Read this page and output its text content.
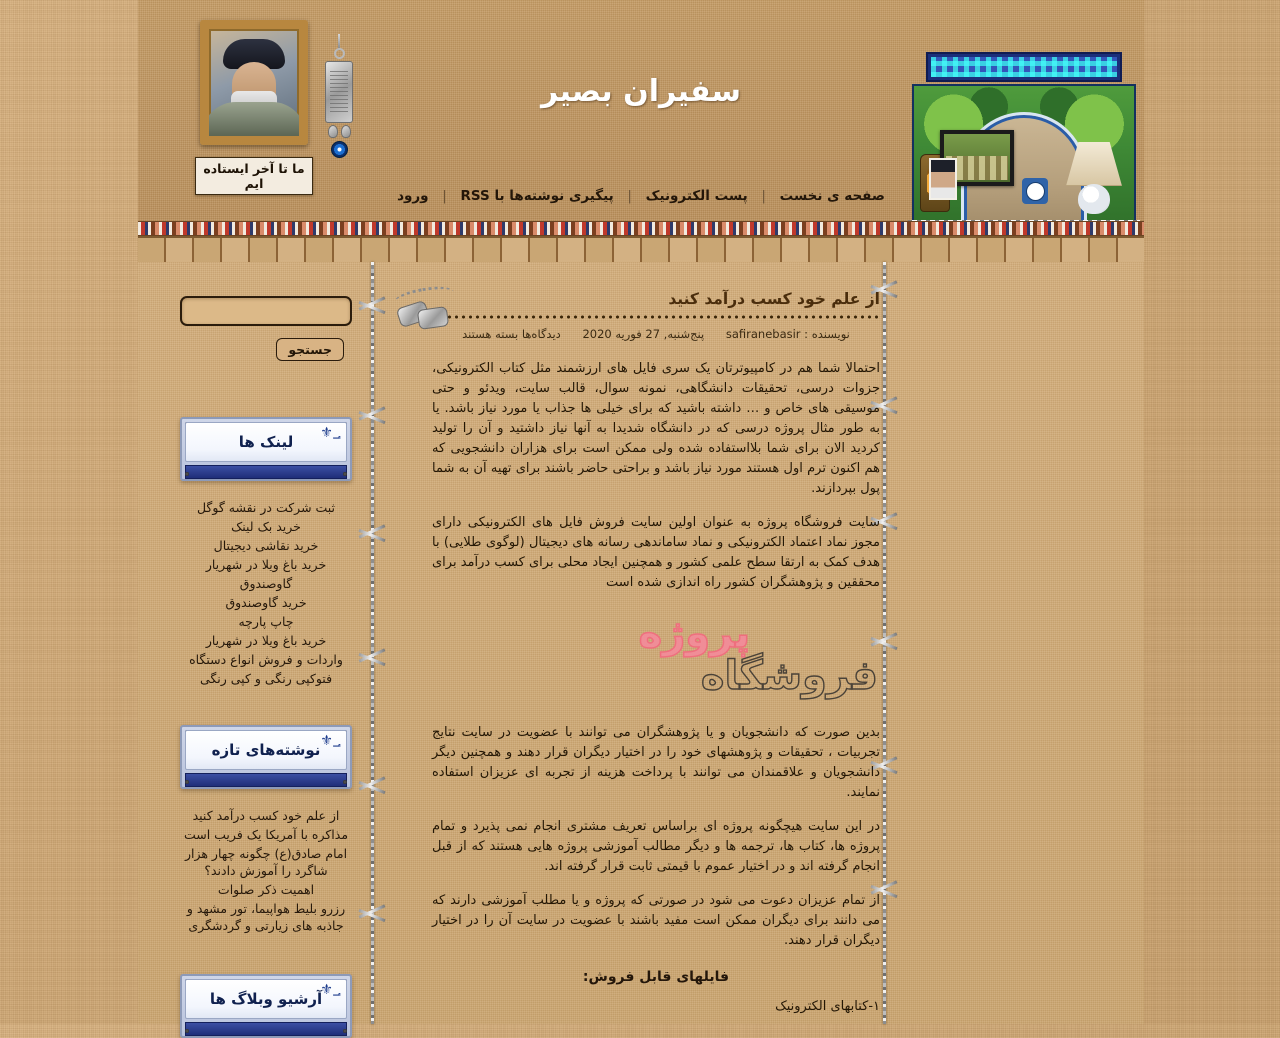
ما تا آخر ایستاده ایم
سفیران بصیر
صفحه ی نخست | پست الکترونیک | پیگیری نوشته‌ها با RSS | ورود
از علم خود کسب درآمد کنید
نویسنده : safiranebasir پنج‌شنبه, 27 فوریه 2020 دیدگاه‌ها بسته هستند

احتمالا شما هم در کامپیوترتان یک سری فایل های ارزشمند مثل کتاب الکترونیکی، جزوات درسی، تحقیقات دانشگاهی، نمونه سوال، قالب سایت، ویدئو و حتی موسیقی های خاص و … داشته باشید که برای خیلی ها جذاب یا مورد نیاز باشد. یا به طور مثال پروژه درسی که در دانشگاه شدیدا به آنها نیاز داشتید و آن را تولید کردید الان برای شما بلااستفاده شده ولی ممکن است برای هزاران دانشجویی که هم اکنون ترم اول هستند مورد نیاز باشد و براحتی حاضر باشند برای تهیه آن به شما پول بپردازند.

سایت فروشگاه پروژه به عنوان اولین سایت فروش فایل های الکترونیکی دارای مجوز نماد اعتماد الکترونیکی و نماد ساماندهی رسانه های دیجیتال (لوگوی طلایی) با هدف کمک به ارتقا سطح علمی کشور و همچنین ایجاد محلی برای کسب درآمد برای محققین و پژوهشگران کشور راه اندازی شده است

پروژه
فروشگاه

بدین صورت که دانشجویان و یا پژوهشگران می توانند با عضویت در سایت نتایج تجربیات ، تحقیقات و پژوهشهای خود را در اختیار دیگران قرار دهند و همچنین دیگر دانشجویان و علاقمندان می توانند با پرداخت هزینه از تجربه ای عزیزان استفاده نمایند.

در این سایت هیچگونه پروژه ای براساس تعریف مشتری انجام نمی پذیرد و تمام پروژه ها، کتاب ها، ترجمه ها و دیگر مطالب آموزشی پروژه هایی هستند که از قبل انجام گرفته اند و در اختیار عموم با قیمتی ثابت قرار گرفته اند.

از تمام عزیزان دعوت می شود در صورتی که پروژه و یا مطلب آموزشی دارند که می دانند برای دیگران ممکن است مفید باشند با عضویت در سایت آن را در اختیار دیگران قرار دهند.

فایلهای قابل فروش:
۱-کتابهای الکترونیک
جستجو
؀⚜
لینک ها
ثبت شرکت در نقشه گوگل
خرید بک لینک
خرید نقاشی دیجیتال
خرید باغ ویلا در شهریار
گاوصندوق
خرید گاوصندوق
چاپ پارچه
خرید باغ ویلا در شهریار
واردات و فروش انواع دستگاه
فتوکپی رنگی و کپی رنگی
؀⚜
نوشته‌های تازه
از علم خود کسب درآمد کنید
مذاکره با آمریکا یک فریب است
امام صادق(ع) چگونه چهار هزار شاگرد را آموزش دادند؟
اهمیت ذکر صلوات
رزرو بلیط هواپیما، تور مشهد و جاذبه های زیارتی و گردشگری
؀⚜
آرشیو وبلاگ ها
